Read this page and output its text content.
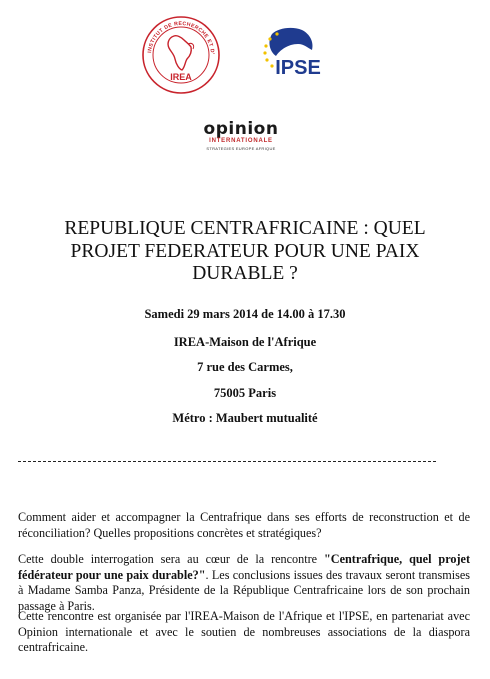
INSTITUT DE RECHERCHE ET D'
IREA	IPSE
opinion
INTERNATIONALE
STRATEGIES EUROPE AFRIQUE
REPUBLIQUE CENTRAFRICAINE : QUEL PROJET FEDERATEUR POUR UNE PAIX DURABLE ?
Samedi 29 mars 2014 de 14.00 à 17.30
IREA-Maison de l'Afrique
7 rue des Carmes,
75005 Paris
Métro : Maubert mutualité
Comment aider et accompagner la Centrafrique dans ses efforts de reconstruction et de réconciliation? Quelles propositions concrètes et stratégiques?
Cette double interrogation sera au cœur de la rencontre "Centrafrique, quel projet fédérateur pour une paix durable?". Les conclusions issues des travaux seront transmises à Madame Samba Panza, Présidente de la République Centrafricaine lors de son prochain passage à Paris.
Cette rencontre est organisée par l'IREA-Maison de l'Afrique et l'IPSE, en partenariat avec Opinion internationale et avec le soutien de nombreuses associations de la diaspora centrafricaine.
